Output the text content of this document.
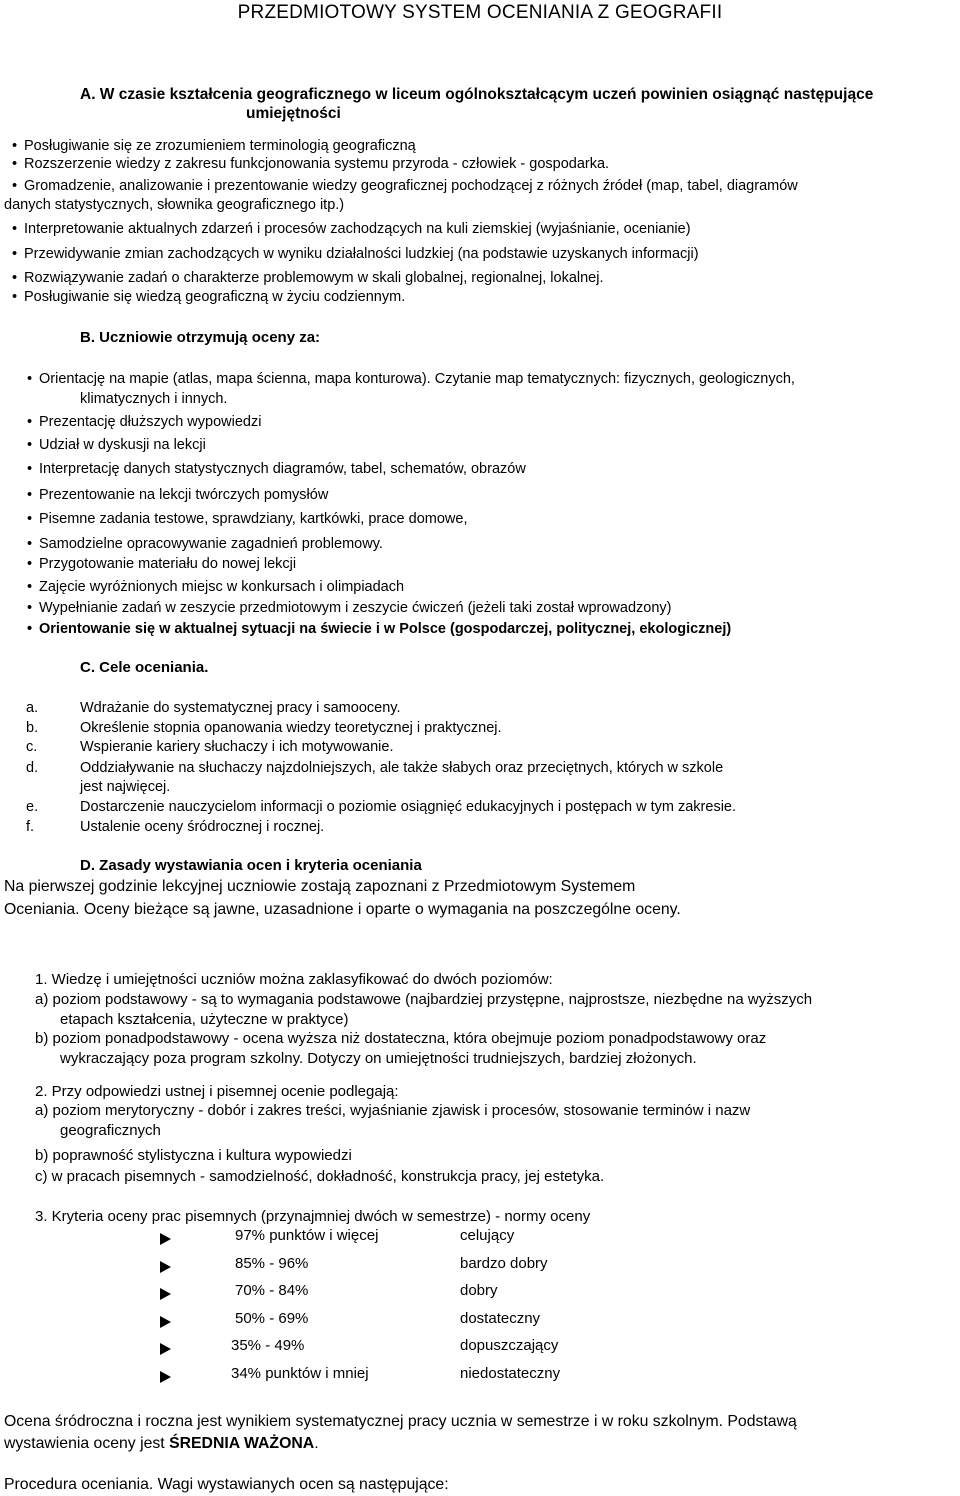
PRZEDMIOTOWY SYSTEM OCENIANIA Z GEOGRAFII
A. W czasie kształcenia geograficznego w liceum ogólnokształcącym uczeń powinien osiągnąć następujące
umiejętności
• Posługiwanie się ze zrozumieniem terminologią geograficzną
• Rozszerzenie wiedzy z zakresu funkcjonowania systemu przyroda - człowiek - gospodarka.
• Gromadzenie, analizowanie i prezentowanie wiedzy geograficznej pochodzącej z różnych źródeł (map, tabel, diagramów
danych statystycznych, słownika geograficznego itp.)
• Interpretowanie aktualnych zdarzeń i procesów zachodzących na kuli ziemskiej (wyjaśnianie, ocenianie)
• Przewidywanie zmian zachodzących w wyniku działalności ludzkiej (na podstawie uzyskanych informacji)
• Rozwiązywanie zadań o charakterze problemowym w skali globalnej, regionalnej, lokalnej.
• Posługiwanie się wiedzą geograficzną w życiu codziennym.
B. Uczniowie otrzymują oceny za:
• Orientację na mapie (atlas, mapa ścienna, mapa konturowa). Czytanie map tematycznych: fizycznych, geologicznych,
klimatycznych i innych.
• Prezentację dłuższych wypowiedzi
• Udział w dyskusji na lekcji
• Interpretację danych statystycznych diagramów, tabel, schematów, obrazów
• Prezentowanie na lekcji twórczych pomysłów
• Pisemne zadania testowe, sprawdziany, kartkówki, prace domowe,
• Samodzielne opracowywanie zagadnień problemowy.
• Przygotowanie materiału do nowej lekcji
• Zajęcie wyróżnionych miejsc w konkursach i olimpiadach
• Wypełnianie zadań w zeszycie przedmiotowym i zeszycie ćwiczeń (jeżeli taki został wprowadzony)
• Orientowanie się w aktualnej sytuacji na świecie i w Polsce (gospodarczej, politycznej, ekologicznej)
C. Cele oceniania.
a.	Wdrażanie do systematycznej pracy i samooceny.
b.	Określenie stopnia opanowania wiedzy teoretycznej i praktycznej.
c.	Wspieranie kariery słuchaczy i ich motywowanie.
d.	Oddziaływanie na słuchaczy najzdolniejszych, ale także słabych oraz przeciętnych, których w szkole
jest najwięcej.
e.	Dostarczenie nauczycielom informacji o poziomie osiągnięć edukacyjnych i postępach w tym zakresie.
f.	Ustalenie oceny śródrocznej i rocznej.
D. Zasady wystawiania ocen i kryteria oceniania
Na pierwszej godzinie lekcyjnej uczniowie zostają zapoznani z Przedmiotowym Systemem
Oceniania. Oceny bieżące są jawne, uzasadnione i oparte o wymagania na poszczególne oceny.
1. Wiedzę i umiejętności uczniów można zaklasyfikować do dwóch poziomów:
a) poziom podstawowy - są to wymagania podstawowe (najbardziej przystępne, najprostsze, niezbędne na wyższych
etapach kształcenia, użyteczne w praktyce)
b) poziom ponadpodstawowy - ocena wyższa niż dostateczna, która obejmuje poziom ponadpodstawowy oraz
wykraczający poza program szkolny. Dotyczy on umiejętności trudniejszych, bardziej złożonych.
2. Przy odpowiedzi ustnej i pisemnej ocenie podlegają:
a) poziom merytoryczny - dobór i zakres treści, wyjaśnianie zjawisk i procesów, stosowanie terminów i nazw
geograficznych
b) poprawność stylistyczna i kultura wypowiedzi
c) w pracach pisemnych - samodzielność, dokładność, konstrukcja pracy, jej estetyka.
3. Kryteria oceny prac pisemnych (przynajmniej dwóch w semestrze) - normy oceny
97% punktów i więcej	celujący
85% - 96%	bardzo dobry
70% - 84%	dobry
50% - 69%	dostateczny
35% - 49%	dopuszczający
34% punktów i mniej	niedostateczny
Ocena śródroczna i roczna jest wynikiem systematycznej pracy ucznia w semestrze i w roku szkolnym. Podstawą
wystawienia oceny jest ŚREDNIA WAŻONA.
Procedura oceniania. Wagi wystawianych ocen są następujące:
